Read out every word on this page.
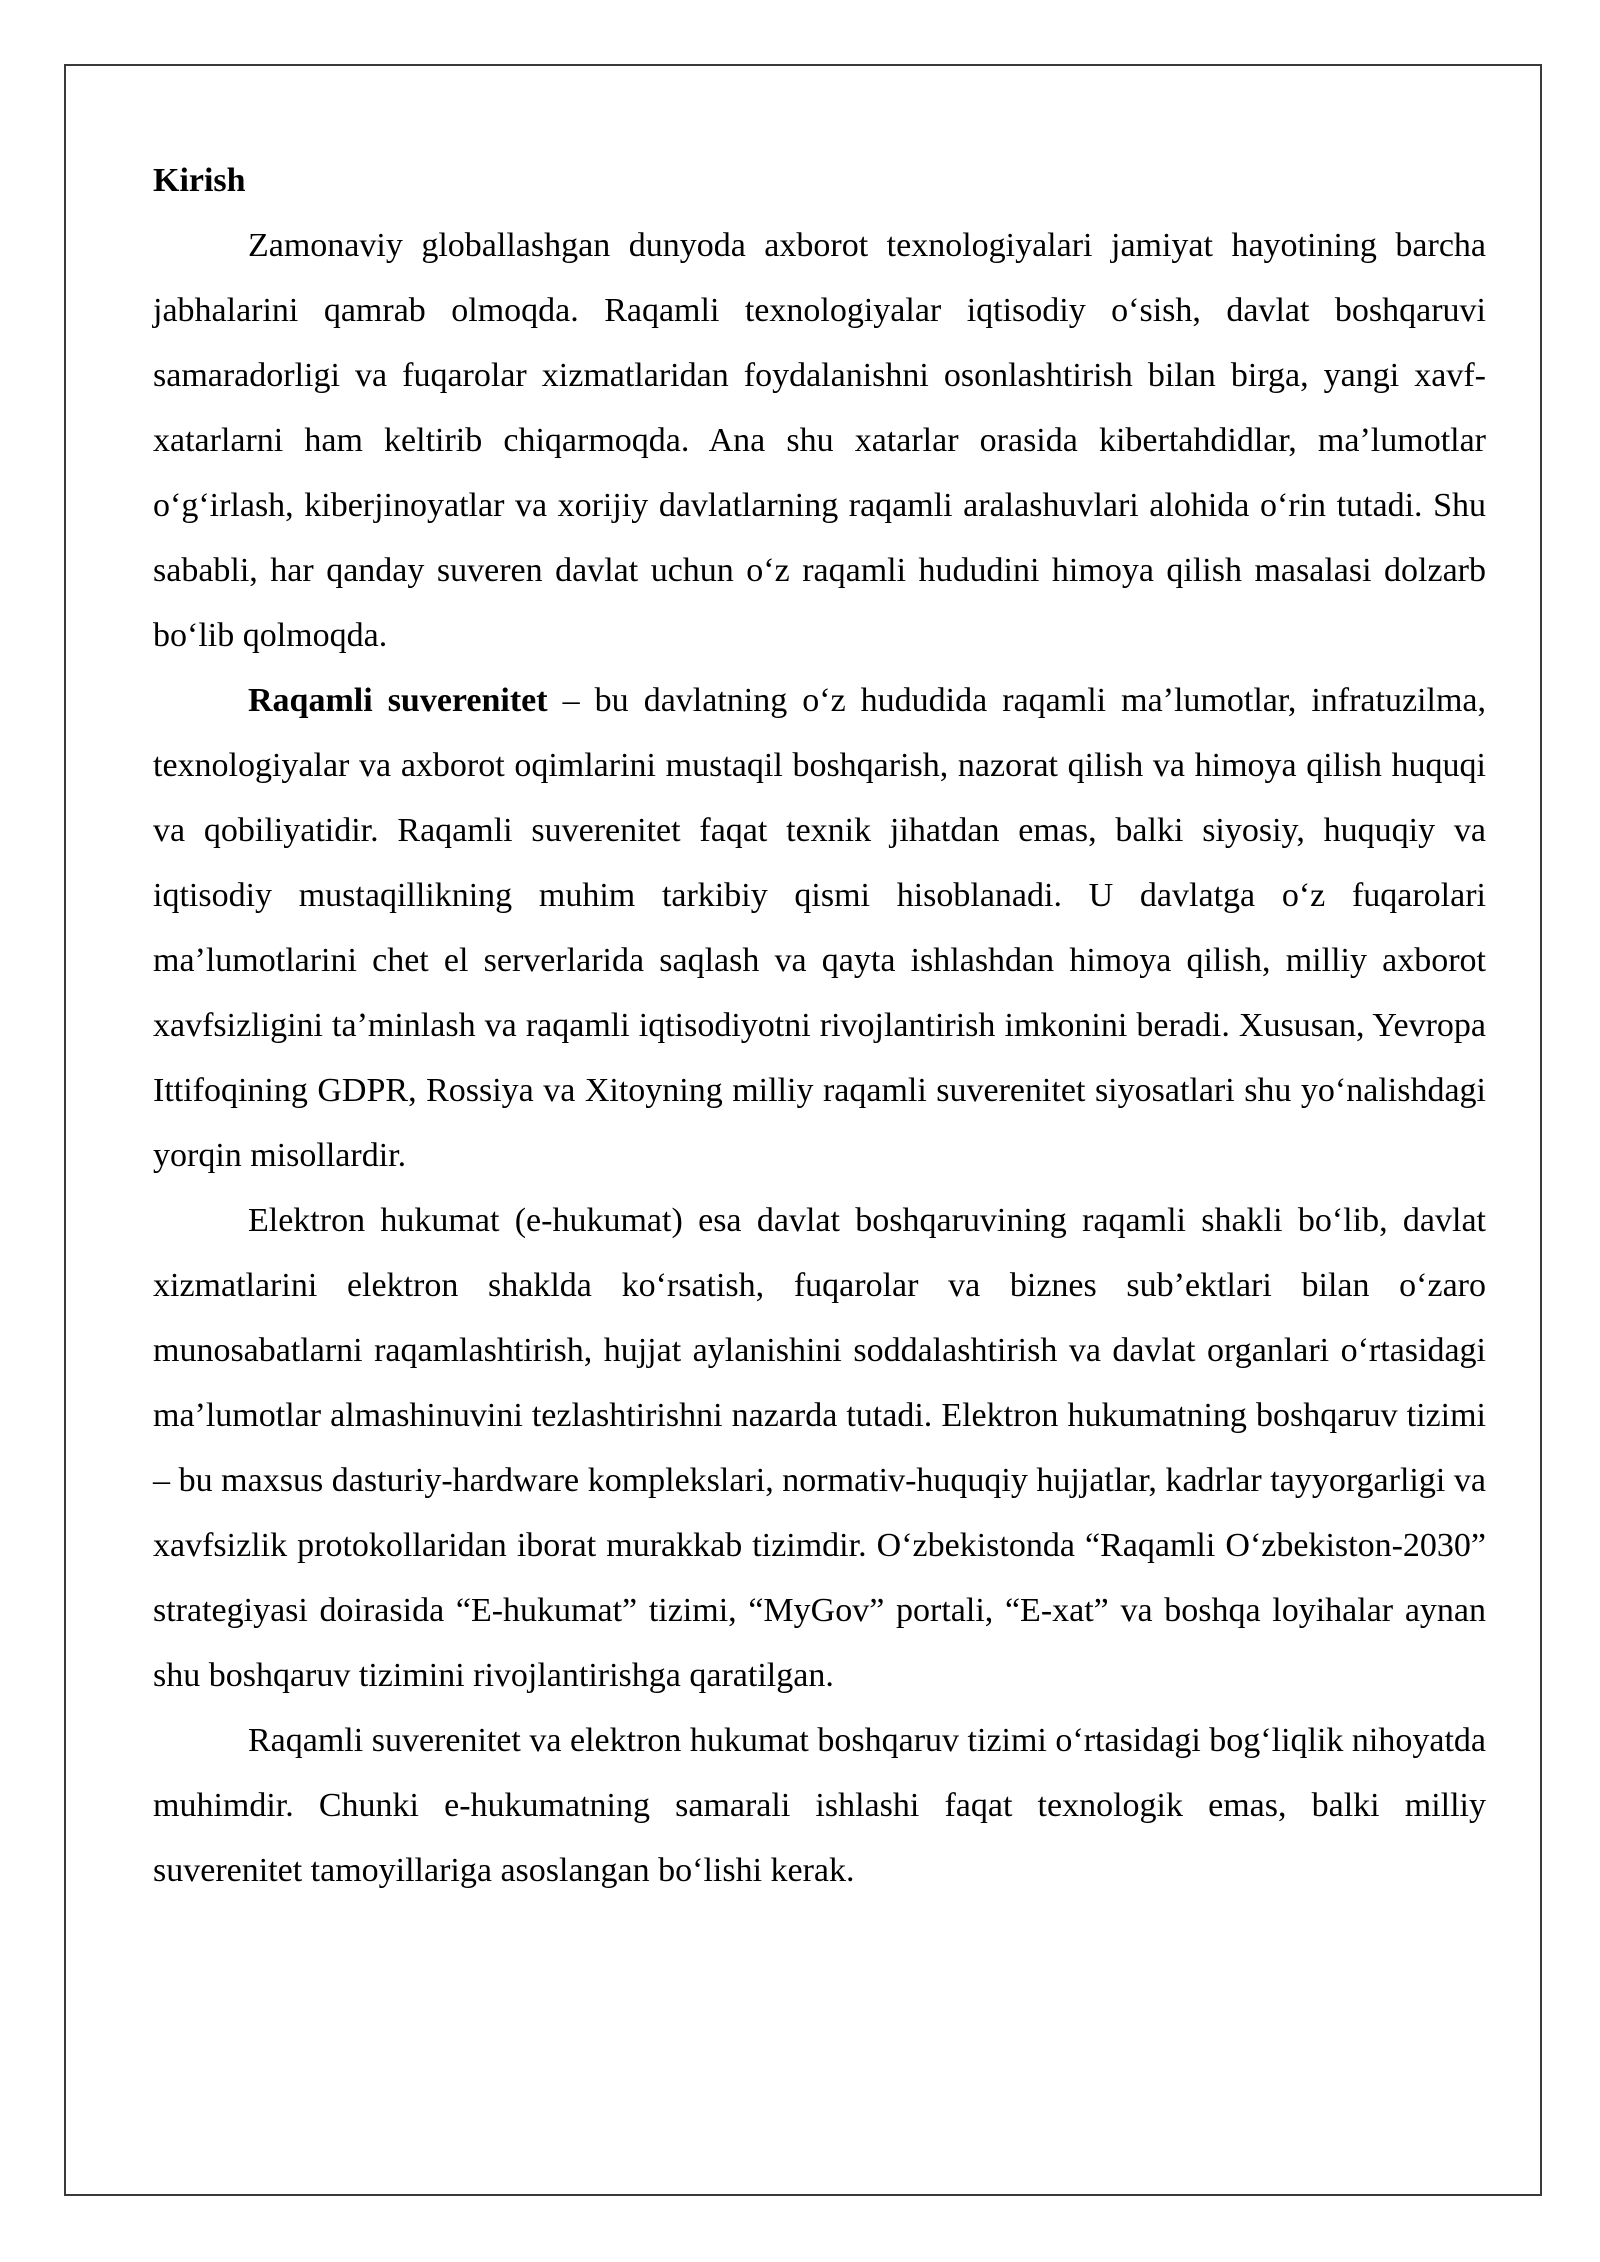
Kirish

Zamonaviy globallashgan dunyoda axborot texnologiyalari jamiyat hayotining barcha jabhalarini qamrab olmoqda. Raqamli texnologiyalar iqtisodiy oʻsish, davlat boshqaruvi samaradorligi va fuqarolar xizmatlaridan foydalanishni osonlashtirish bilan birga, yangi xavf-xatarlarni ham keltirib chiqarmoqda. Ana shu xatarlar orasida kibertahdidlar, maʼlumotlar oʻgʻirlash, kiberjinoyatlar va xorijiy davlatlarning raqamli aralashuvlari alohida oʻrin tutadi. Shu sababli, har qanday suveren davlat uchun oʻz raqamli hududini himoya qilish masalasi dolzarb boʻlib qolmoqda.

Raqamli suverenitet – bu davlatning oʻz hududida raqamli maʼlumotlar, infratuzilma, texnologiyalar va axborot oqimlarini mustaqil boshqarish, nazorat qilish va himoya qilish huquqi va qobiliyatidir. Raqamli suverenitet faqat texnik jihatdan emas, balki siyosiy, huquqiy va iqtisodiy mustaqillikning muhim tarkibiy qismi hisoblanadi. U davlatga oʻz fuqarolari maʼlumotlarini chet el serverlarida saqlash va qayta ishlashdan himoya qilish, milliy axborot xavfsizligini taʼminlash va raqamli iqtisodiyotni rivojlantirish imkonini beradi. Xususan, Yevropa Ittifoqining GDPR, Rossiya va Xitoyning milliy raqamli suverenitet siyosatlari shu yoʻnalishdagi yorqin misollardir.

Elektron hukumat (e-hukumat) esa davlat boshqaruvining raqamli shakli boʻlib, davlat xizmatlarini elektron shaklda koʻrsatish, fuqarolar va biznes subʼektlari bilan oʻzaro munosabatlarni raqamlashtirish, hujjat aylanishini soddalashtirish va davlat organlari oʻrtasidagi maʼlumotlar almashinuvini tezlashtirishni nazarda tutadi. Elektron hukumatning boshqaruv tizimi – bu maxsus dasturiy-hardware komplekslari, normativ-huquqiy hujjatlar, kadrlar tayyorgarligi va xavfsizlik protokollaridan iborat murakkab tizimdir. Oʻzbekistonda “Raqamli Oʻzbekiston-2030” strategiyasi doirasida “E-hukumat” tizimi, “MyGov” portali, “E-xat” va boshqa loyihalar aynan shu boshqaruv tizimini rivojlantirishga qaratilgan.

Raqamli suverenitet va elektron hukumat boshqaruv tizimi oʻrtasidagi bogʻliqlik nihoyatda muhimdir. Chunki e-hukumatning samarali ishlashi faqat texnologik emas, balki milliy suverenitet tamoyillariga asoslangan boʻlishi kerak.
